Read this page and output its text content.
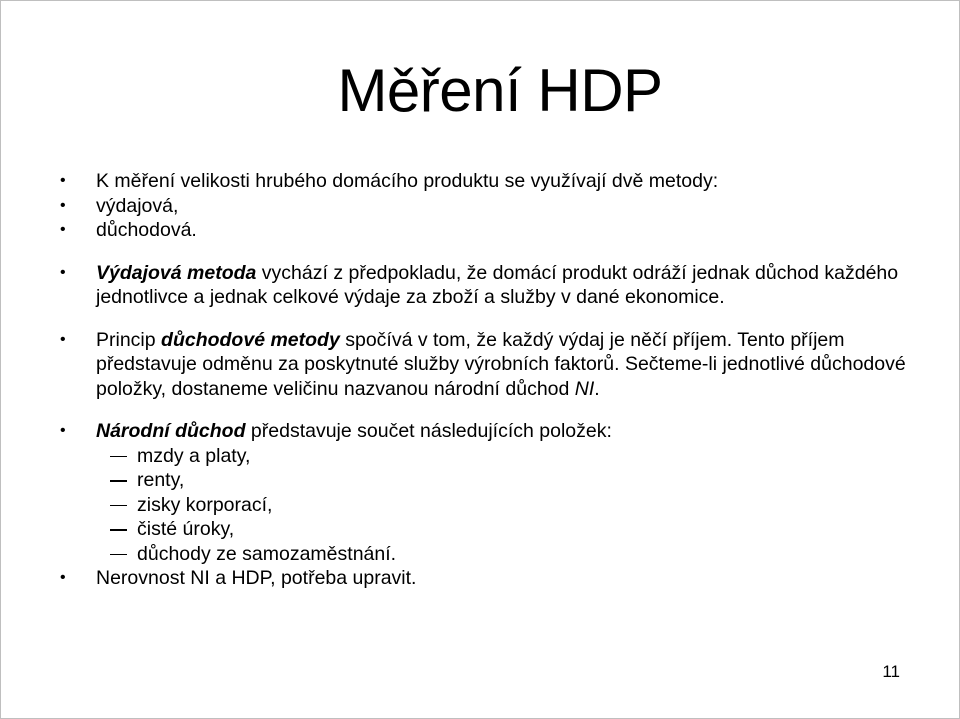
Měření HDP
• K měření velikosti hrubého domácího produktu se využívají dvě metody:
• výdajová,
• důchodová.
• Výdajová metoda vychází z předpokladu, že domácí produkt odráží jednak důchod každého jednotlivce a jednak celkové výdaje za zboží a služby v dané ekonomice.
• Princip důchodové metody spočívá v tom, že každý výdaj je něčí příjem. Tento příjem představuje odměnu za poskytnuté služby výrobních faktorů. Sečteme-li jednotlivé důchodové položky, dostaneme veličinu nazvanou národní důchod NI.
• Národní důchod představuje součet následujících položek:
mzdy a platy,
renty,
zisky korporací,
čisté úroky,
důchody ze samozaměstnání.
• Nerovnost NI a HDP, potřeba upravit.
11
